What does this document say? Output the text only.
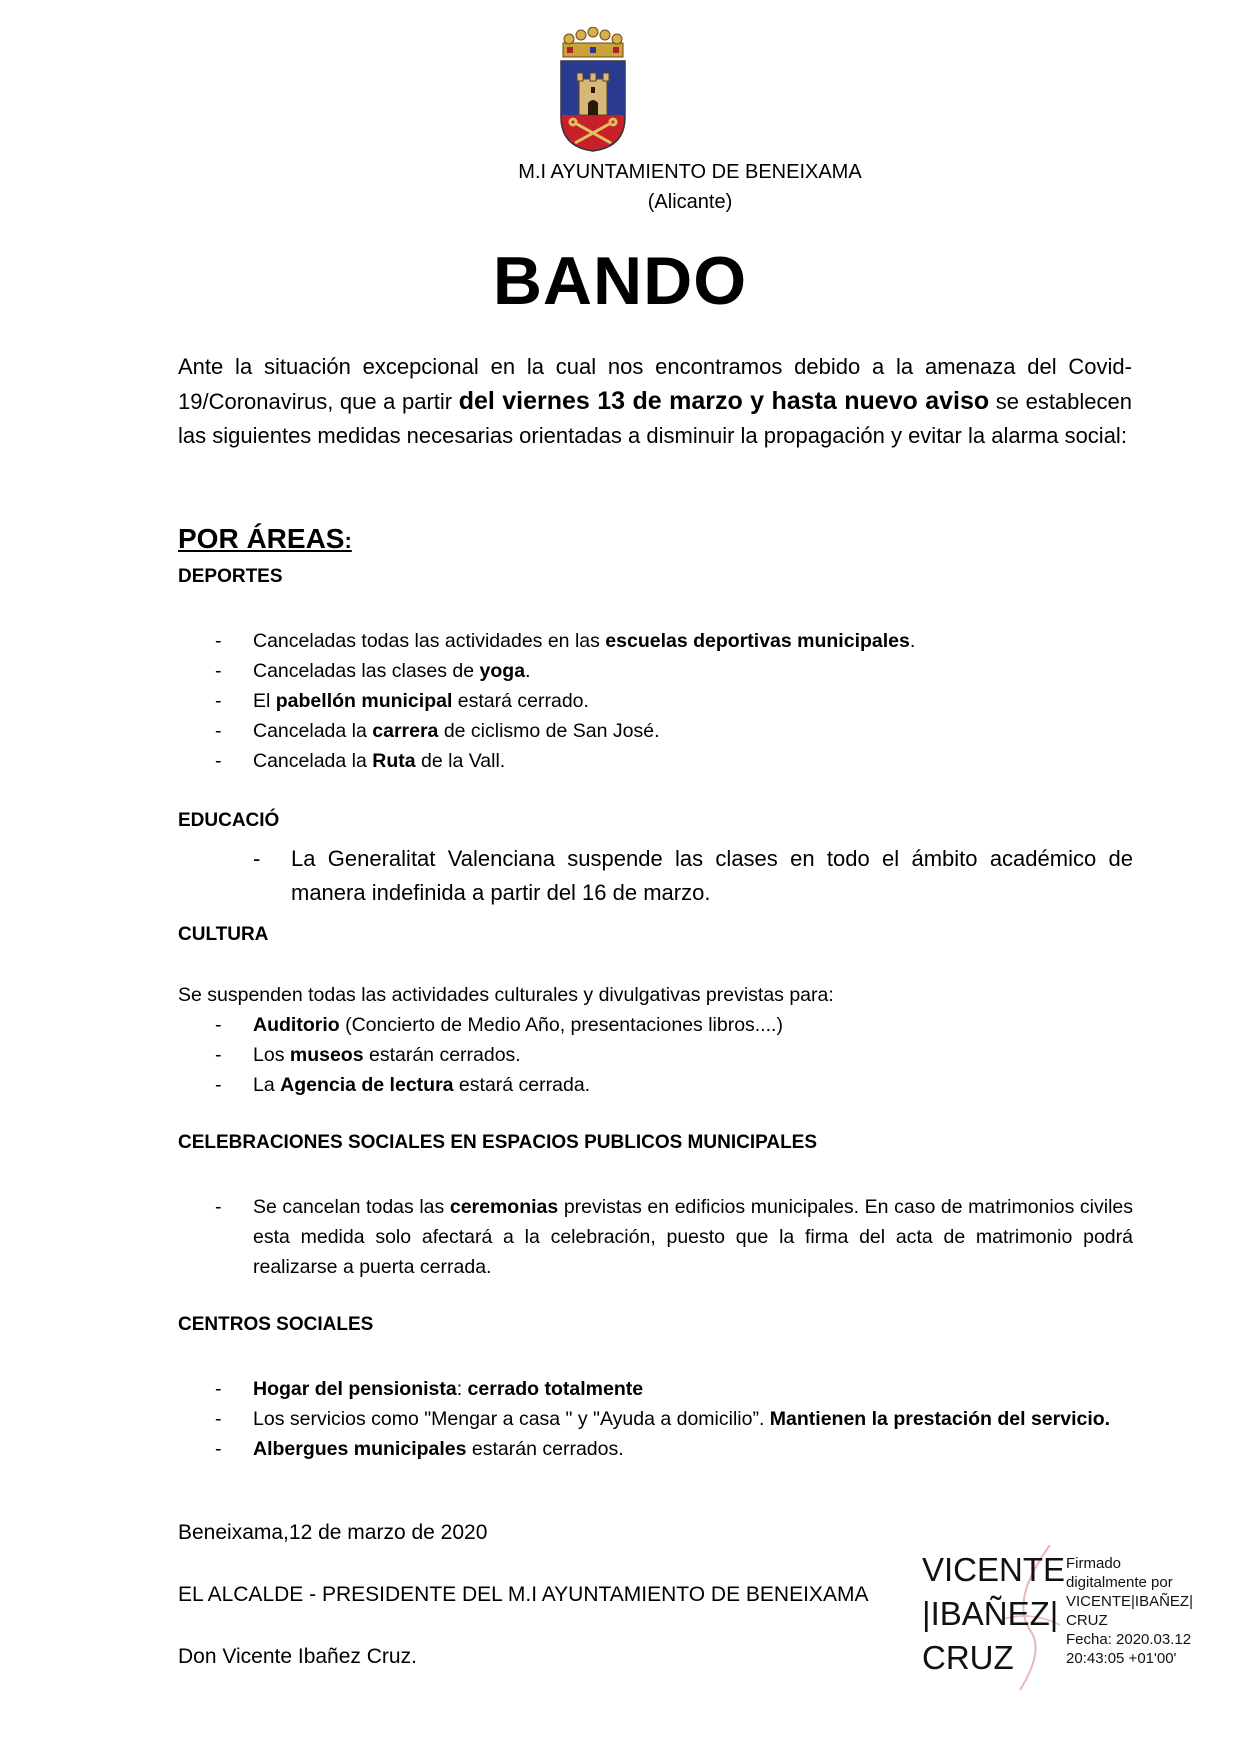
M.I AYUNTAMIENTO DE BENEIXAMA
(Alicante)
BANDO
Ante la situación excepcional en la cual nos encontramos debido a la amenaza del Covid-19/Coronavirus, que a partir del viernes 13 de marzo y hasta nuevo aviso se establecen las siguientes medidas necesarias orientadas a disminuir la propagación y evitar la alarma social:
POR ÁREAS:
DEPORTES
- Canceladas todas las actividades en las escuelas deportivas municipales.
- Canceladas las clases de yoga.
- El pabellón municipal estará cerrado.
- Cancelada la carrera de ciclismo de San José.
- Cancelada la Ruta de la Vall.
EDUCACIÓ
- La Generalitat Valenciana suspende las clases en todo el ámbito académico de manera indefinida a partir del 16 de marzo.
CULTURA
Se suspenden todas las actividades culturales y divulgativas previstas para:
- Auditorio (Concierto de Medio Año, presentaciones libros....)
- Los museos estarán cerrados.
- La Agencia de lectura estará cerrada.
CELEBRACIONES SOCIALES EN ESPACIOS PUBLICOS MUNICIPALES
- Se cancelan todas las ceremonias previstas en edificios municipales. En caso de matrimonios civiles esta medida solo afectará a la celebración, puesto que la firma del acta de matrimonio podrá realizarse a puerta cerrada.
CENTROS SOCIALES
- Hogar del pensionista: cerrado totalmente
- Los servicios como "Mengar a casa " y "Ayuda a domicilio”. Mantienen la prestación del servicio.
- Albergues municipales estarán cerrados.
Beneixama,12 de marzo de 2020
EL ALCALDE - PRESIDENTE DEL M.I AYUNTAMIENTO DE BENEIXAMA
Don Vicente Ibañez Cruz.
VICENTE
|IBAÑEZ|
CRUZ
Firmado
digitalmente por
VICENTE|IBAÑEZ|
CRUZ
Fecha: 2020.03.12
20:43:05 +01'00'
